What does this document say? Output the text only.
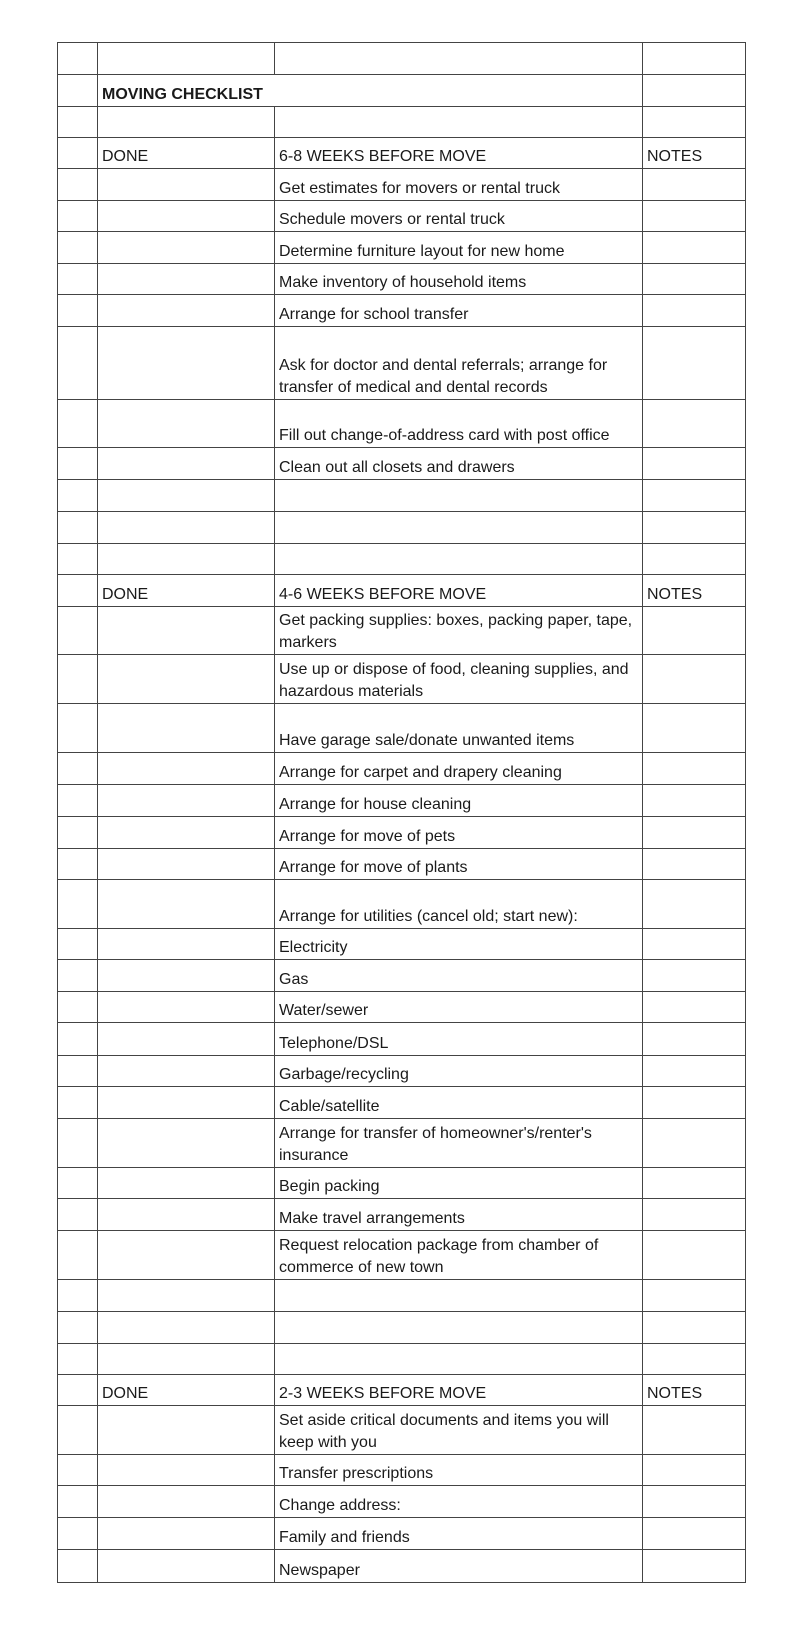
	MOVING CHECKLIST		

	DONE	6-8 WEEKS BEFORE MOVE	NOTES
		Get estimates for movers or rental truck	
		Schedule movers or rental truck	
		Determine furniture layout for new home	
		Make inventory of household items	
		Arrange for school transfer	
		Ask for doctor and dental referrals; arrange for transfer of medical and dental records	
		Fill out change-of-address card with post office	
		Clean out all closets and drawers	

	DONE	4-6 WEEKS BEFORE MOVE	NOTES
		Get packing supplies: boxes, packing paper, tape, markers	
		Use up or dispose of food, cleaning supplies, and hazardous materials	
		Have garage sale/donate unwanted items	
		Arrange for carpet and drapery cleaning	
		Arrange for house cleaning	
		Arrange for move of pets	
		Arrange for move of plants	
		Arrange for utilities (cancel old; start new):	
		Electricity	
		Gas	
		Water/sewer	
		Telephone/DSL	
		Garbage/recycling	
		Cable/satellite	
		Arrange for transfer of homeowner's/renter's insurance	
		Begin packing	
		Make travel arrangements	
		Request relocation package from chamber of commerce of new town	

	DONE	2-3 WEEKS BEFORE MOVE	NOTES
		Set aside critical documents and items you will keep with you	
		Transfer prescriptions	
		Change address:	
		Family and friends	
		Newspaper	
